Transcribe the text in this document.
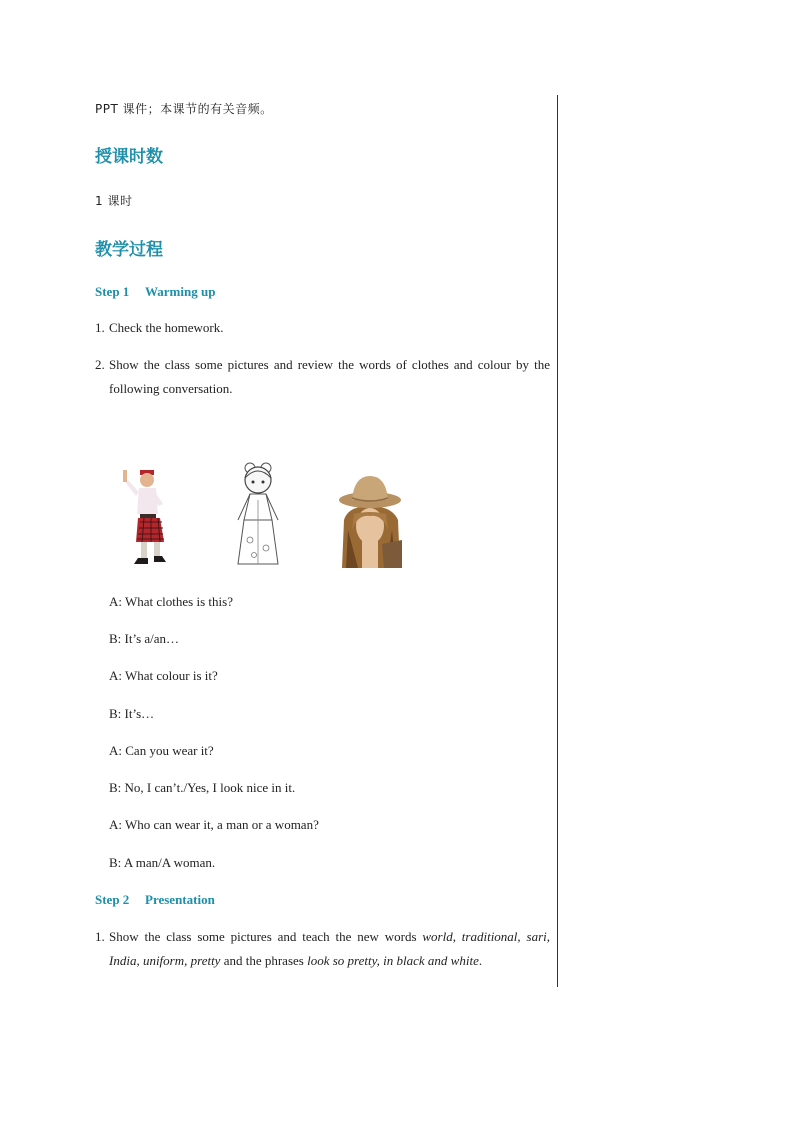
PPT 课件；本课节的有关音频。
授课时数
1 课时
教学过程
Step 1 Warming up
1. Check the homework.
2. Show the class some pictures and review the words of clothes and colour by the following conversation.
A: What clothes is this?
B: It’s a/an…
A: What colour is it?
B: It’s…
A: Can you wear it?
B: No, I can’t./Yes, I look nice in it.
A: Who can wear it, a man or a woman?
B: A man/A woman.
Step 2 Presentation
1. Show the class some pictures and teach the new words world, traditional, sari, India, uniform, pretty and the phrases look so pretty, in black and white.
